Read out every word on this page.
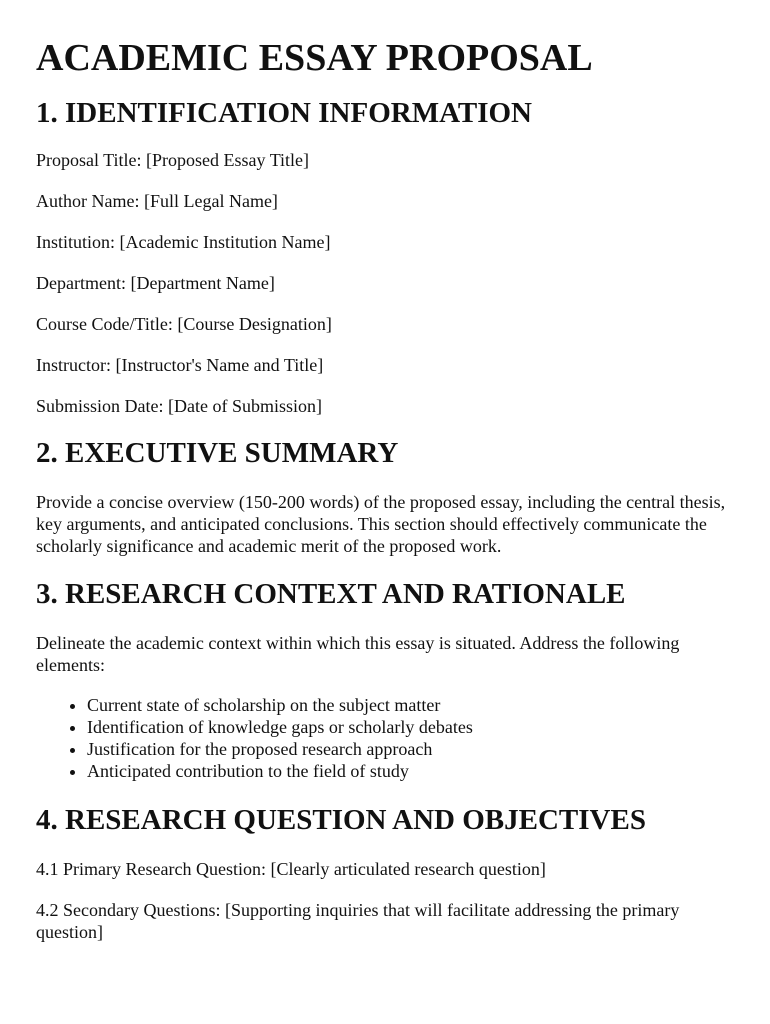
ACADEMIC ESSAY PROPOSAL
1. IDENTIFICATION INFORMATION

Proposal Title: [Proposed Essay Title]

Author Name: [Full Legal Name]

Institution: [Academic Institution Name]

Department: [Department Name]

Course Code/Title: [Course Designation]

Instructor: [Instructor's Name and Title]

Submission Date: [Date of Submission]

2. EXECUTIVE SUMMARY

Provide a concise overview (150-200 words) of the proposed essay, including the central thesis, key arguments, and anticipated conclusions. This section should effectively communicate the scholarly significance and academic merit of the proposed work.

3. RESEARCH CONTEXT AND RATIONALE

Delineate the academic context within which this essay is situated. Address the following elements:

• Current state of scholarship on the subject matter
• Identification of knowledge gaps or scholarly debates
• Justification for the proposed research approach
• Anticipated contribution to the field of study
4. RESEARCH QUESTION AND OBJECTIVES

4.1 Primary Research Question: [Clearly articulated research question]

4.2 Secondary Questions: [Supporting inquiries that will facilitate addressing the primary question]
